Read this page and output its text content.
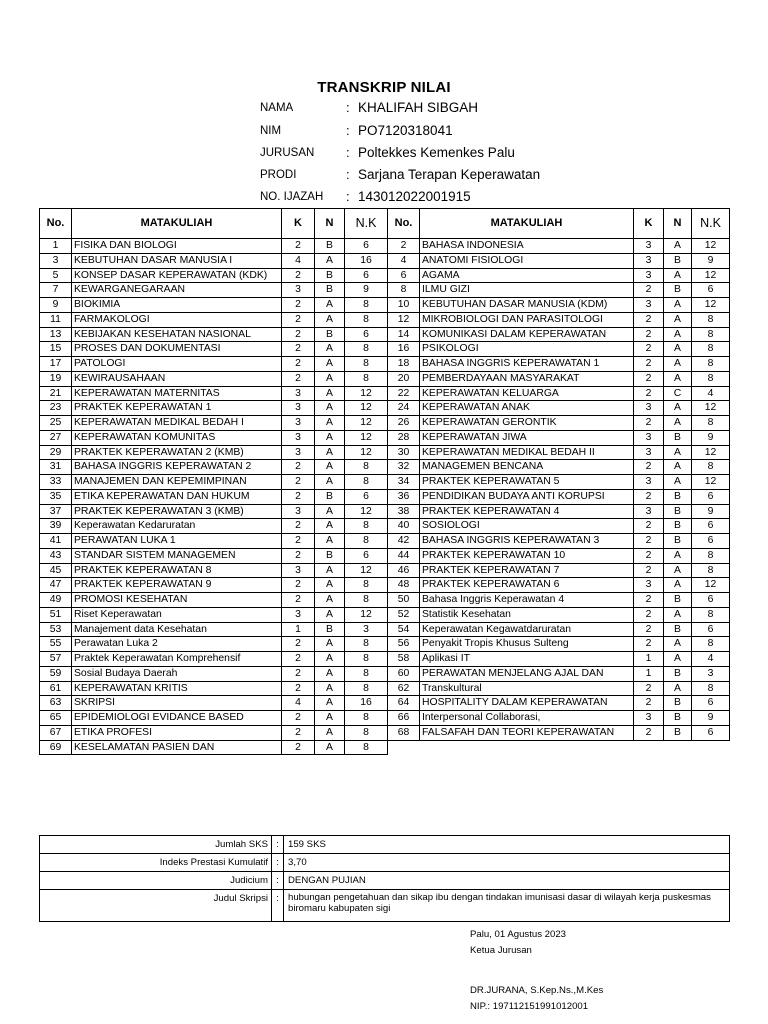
TRANSKRIP NILAI
NAMA	: KHALIFAH SIBGAH
NIM	: PO7120318041
JURUSAN : Poltekkes Kemenkes Palu
PRODI	: Sarjana Terapan Keperawatan
NO. IJAZAH : 143012022001915
No.	MATAKULIAH	K	N	N.K	No.	MATAKULIAH	K	N	N.K
1	FISIKA DAN BIOLOGI	2	B	6	2	BAHASA INDONESIA	3	A	12
3	KEBUTUHAN DASAR MANUSIA I	4	A	16	4	ANATOMI FISIOLOGI	3	B	9
5	KONSEP DASAR KEPERAWATAN (KDK)	2	B	6	6	AGAMA	3	A	12
7	KEWARGANEGARAAN	3	B	9	8	ILMU GIZI	2	B	6
9	BIOKIMIA	2	A	8	10	KEBUTUHAN DASAR MANUSIA (KDM)	3	A	12
11	FARMAKOLOGI	2	A	8	12	MIKROBIOLOGI DAN PARASITOLOGI	2	A	8
13	KEBIJAKAN KESEHATAN NASIONAL	2	B	6	14	KOMUNIKASI DALAM KEPERAWATAN	2	A	8
15	PROSES DAN DOKUMENTASI	2	A	8	16	PSIKOLOGI	2	A	8
17	PATOLOGI	2	A	8	18	BAHASA INGGRIS KEPERAWATAN 1	2	A	8
19	KEWIRAUSAHAAN	2	A	8	20	PEMBERDAYAAN MASYARAKAT	2	A	8
21	KEPERAWATAN MATERNITAS	3	A	12	22	KEPERAWATAN KELUARGA	2	C	4
23	PRAKTEK KEPERAWATAN 1	3	A	12	24	KEPERAWATAN ANAK	3	A	12
25	KEPERAWATAN MEDIKAL BEDAH I	3	A	12	26	KEPERAWATAN GERONTIK	2	A	8
27	KEPERAWATAN KOMUNITAS	3	A	12	28	KEPERAWATAN JIWA	3	B	9
29	PRAKTEK KEPERAWATAN 2 (KMB)	3	A	12	30	KEPERAWATAN MEDIKAL BEDAH II	3	A	12
31	BAHASA INGGRIS KEPERAWATAN 2	2	A	8	32	MANAGEMEN BENCANA	2	A	8
33	MANAJEMEN DAN KEPEMIMPINAN	2	A	8	34	PRAKTEK KEPERAWATAN 5	3	A	12
35	ETIKA KEPERAWATAN DAN HUKUM	2	B	6	36	PENDIDIKAN BUDAYA ANTI KORUPSI	2	B	6
37	PRAKTEK KEPERAWATAN 3 (KMB)	3	A	12	38	PRAKTEK KEPERAWATAN 4	3	B	9
39	Keperawatan Kedaruratan	2	A	8	40	SOSIOLOGI	2	B	6
41	PERAWATAN LUKA 1	2	A	8	42	BAHASA INGGRIS KEPERAWATAN 3	2	B	6
43	STANDAR SISTEM MANAGEMEN	2	B	6	44	PRAKTEK KEPERAWATAN 10	2	A	8
45	PRAKTEK KEPERAWATAN 8	3	A	12	46	PRAKTEK KEPERAWATAN 7	2	A	8
47	PRAKTEK KEPERAWATAN 9	2	A	8	48	PRAKTEK KEPERAWATAN 6	3	A	12
49	PROMOSI KESEHATAN	2	A	8	50	Bahasa Inggris Keperawatan 4	2	B	6
51	Riset Keperawatan	3	A	12	52	Statistik Kesehatan	2	A	8
53	Manajement data Kesehatan	1	B	3	54	Keperawatan Kegawatdaruratan	2	B	6
55	Perawatan Luka 2	2	A	8	56	Penyakit Tropis Khusus Sulteng	2	A	8
57	Praktek Keperawatan Komprehensif	2	A	8	58	Aplikasi IT	1	A	4
59	Sosial Budaya Daerah	2	A	8	60	PERAWATAN MENJELANG AJAL DAN	1	B	3
61	KEPERAWATAN KRITIS	2	A	8	62	Transkultural	2	A	8
63	SKRIPSI	4	A	16	64	HOSPITALITY DALAM KEPERAWATAN	2	B	6
65	EPIDEMIOLOGI EVIDANCE BASED	2	A	8	66	Interpersonal Collaborasi,	3	B	9
67	ETIKA PROFESI	2	A	8	68	FALSAFAH DAN TEORI KEPERAWATAN	2	B	6
69	KESELAMATAN PASIEN DAN	2	A	8					
Jumlah SKS	:	159 SKS
Indeks Prestasi Kumulatif	:	3,70
Judicium	:	DENGAN PUJIAN
Judul Skripsi	:	hubungan pengetahuan dan sikap ibu dengan tindakan imunisasi dasar di wilayah kerja puskesmas biromaru kabupaten sigi
Palu, 01 Agustus 2023
Ketua Jurusan
DR.JURANA, S.Kep.Ns.,M.Kes
NIP.: 197112151991012001
